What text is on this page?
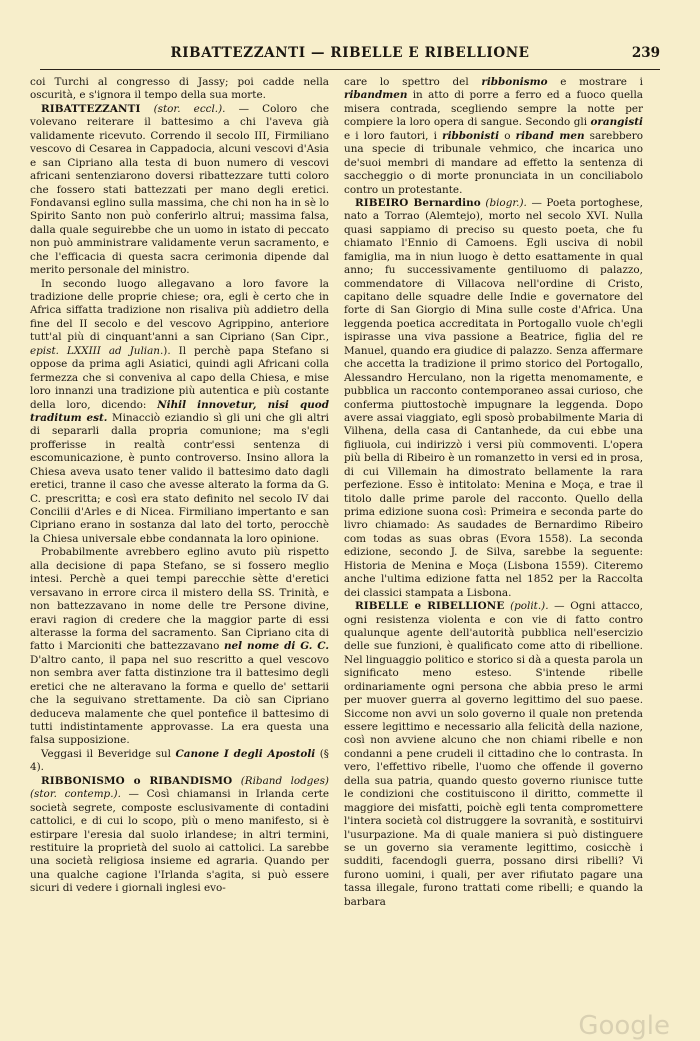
RIBATTEZZANTI — RIBELLE E RIBELLIONE	239

coi Turchi al congresso di Jassy; poi cadde nella oscurità, e s'ignora il tempo della sua morte.

RIBATTEZZANTI (stor. eccl.). — Coloro che volevano reiterare il battesimo a chi l'aveva già validamente ricevuto. Correndo il secolo III, Firmiliano vescovo di Cesarea in Cappadocia, alcuni vescovi d'Asia e san Cipriano alla testa di buon numero di vescovi africani sentenziarono doversi ribattezzare tutti coloro che fossero stati battezzati per mano degli eretici. Fondavansi eglino sulla massima, che chi non ha in sè lo Spirito Santo non può conferirlo altrui; massima falsa, dalla quale seguirebbe che un uomo in istato di peccato non può amministrare validamente verun sacramento, e che l'efficacia di questa sacra cerimonia dipende dal merito personale del ministro.

In secondo luogo allegavano a loro favore la tradizione delle proprie chiese; ora, egli è certo che in Africa siffatta tradizione non risaliva più addietro della fine del II secolo e del vescovo Agrippino, anteriore tutt'al più di cinquant'anni a san Cipriano (San Cipr., epist. LXXIII ad Julian.). Il perchè papa Stefano si oppose da prima agli Asiatici, quindi agli Africani colla fermezza che si conveniva al capo della Chiesa, e mise loro innanzi una tradizione più autentica e più costante della loro, dicendo: Nihil innovetur, nisi quod traditum est. Minacciò eziandio sì gli uni che gli altri di separarli dalla propria comunione; ma s'egli profferisse in realtà contr'essi sentenza di escomunicazione, è punto controverso. Insino allora la Chiesa aveva usato tener valido il battesimo dato dagli eretici, tranne il caso che avesse alterato la forma da G. C. prescritta; e così era stato definito nel secolo IV dai Concilii d'Arles e di Nicea. Firmiliano impertanto e san Cipriano erano in sostanza dal lato del torto, perocchè la Chiesa universale ebbe condannata la loro opinione.

Probabilmente avrebbero eglino avuto più rispetto alla decisione di papa Stefano, se si fossero meglio intesi. Perchè a quei tempi parecchie sètte d'eretici versavano in errore circa il mistero della SS. Trinità, e non battezzavano in nome delle tre Persone divine, eravi ragion di credere che la maggior parte di essi alterasse la forma del sacramento. San Cipriano cita di fatto i Marcioniti che battezzavano nel nome di G. C. D'altro canto, il papa nel suo rescritto a quel vescovo non sembra aver fatta distinzione tra il battesimo degli eretici che ne alteravano la forma e quello de' settarii che la seguivano strettamente. Da ciò san Cipriano deduceva malamente che quel pontefice il battesimo di tutti indistintamente approvasse. La era questa una falsa supposizione.

Veggasi il Beveridge sul Canone I degli Apostoli (§ 4).

RIBBONISMO o RIBANDISMO (Riband lodges) (stor. contemp.). — Così chiamansi in Irlanda certe società segrete, composte esclusivamente di contadini cattolici, e di cui lo scopo, più o meno manifesto, si è estirpare l'eresia dal suolo irlandese; in altri termini, restituire la proprietà del suolo ai cattolici. La sarebbe una società religiosa insieme ed agraria. Quando per una qualche cagione l'Irlanda s'agita, si può essere sicuri di vedere i giornali inglesi evo-

care lo spettro del ribbonismo e mostrare i ribandmen in atto di porre a ferro ed a fuoco quella misera contrada, scegliendo sempre la notte per compiere la loro opera di sangue. Secondo gli orangisti e i loro fautori, i ribbonisti o riband men sarebbero una specie di tribunale vehmico, che incarica uno de'suoi membri di mandare ad effetto la sentenza di saccheggio o di morte pronunciata in un conciliabolo contro un protestante.

RIBEIRO Bernardino (biogr.). — Poeta portoghese, nato a Torrao (Alemtejo), morto nel secolo XVI. Nulla quasi sappiamo di preciso su questo poeta, che fu chiamato l'Ennio di Camoens. Egli usciva di nobil famiglia, ma in niun luogo è detto esattamente in qual anno; fu successivamente gentiluomo di palazzo, commendatore di Villacova nell'ordine di Cristo, capitano delle squadre delle Indie e governatore del forte di San Giorgio di Mina sulle coste d'Africa. Una leggenda poetica accreditata in Portogallo vuole ch'egli ispirasse una viva passione a Beatrice, figlia del re Manuel, quando era giudice di palazzo. Senza affermare che accetta la tradizione il primo storico del Portogallo, Alessandro Herculano, non la rigetta menomamente, e pubblica un racconto contemporaneo assai curioso, che conferma piuttostochè impugnare la leggenda. Dopo avere assai viaggiato, egli sposò probabilmente Maria di Vilhena, della casa di Cantanhede, da cui ebbe una figliuola, cui indirizzò i versi più commoventi. L'opera più bella di Ribeiro è un romanzetto in versi ed in prosa, di cui Villemain ha dimostrato bellamente la rara perfezione. Esso è intitolato: Menina e Moça, e trae il titolo dalle prime parole del racconto. Quello della prima edizione suona così: Primeira e seconda parte do livro chiamado: As saudades de Bernardimo Ribeiro com todas as suas obras (Evora 1558). La seconda edizione, secondo J. de Silva, sarebbe la seguente: Historia de Menina e Moça (Lisbona 1559). Citeremo anche l'ultima edizione fatta nel 1852 per la Raccolta dei classici stampata a Lisbona.

RIBELLE e RIBELLIONE (polit.). — Ogni attacco, ogni resistenza violenta e con vie di fatto contro qualunque agente dell'autorità pubblica nell'esercizio delle sue funzioni, è qualificato come atto di ribellione. Nel linguaggio politico e storico si dà a questa parola un significato meno esteso. S'intende ribelle ordinariamente ogni persona che abbia preso le armi per muover guerra al governo legittimo del suo paese. Siccome non avvi un solo governo il quale non pretenda essere legittimo e necessario alla felicità della nazione, così non avviene alcuno che non chiami ribelle e non condanni a pene crudeli il cittadino che lo contrasta. In vero, l'effettivo ribelle, l'uomo che offende il governo della sua patria, quando questo governo riunisce tutte le condizioni che costituiscono il diritto, commette il maggiore dei misfatti, poichè egli tenta compromettere l'intera società col distruggere la sovranità, e sostituirvi l'usurpazione. Ma di quale maniera si può distinguere se un governo sia veramente legittimo, cosicchè i sudditi, facendogli guerra, possano dirsi ribelli? Vi furono uomini, i quali, per aver rifiutato pagare una tassa illegale, furono trattati come ribelli; e quando la barbara

Google
